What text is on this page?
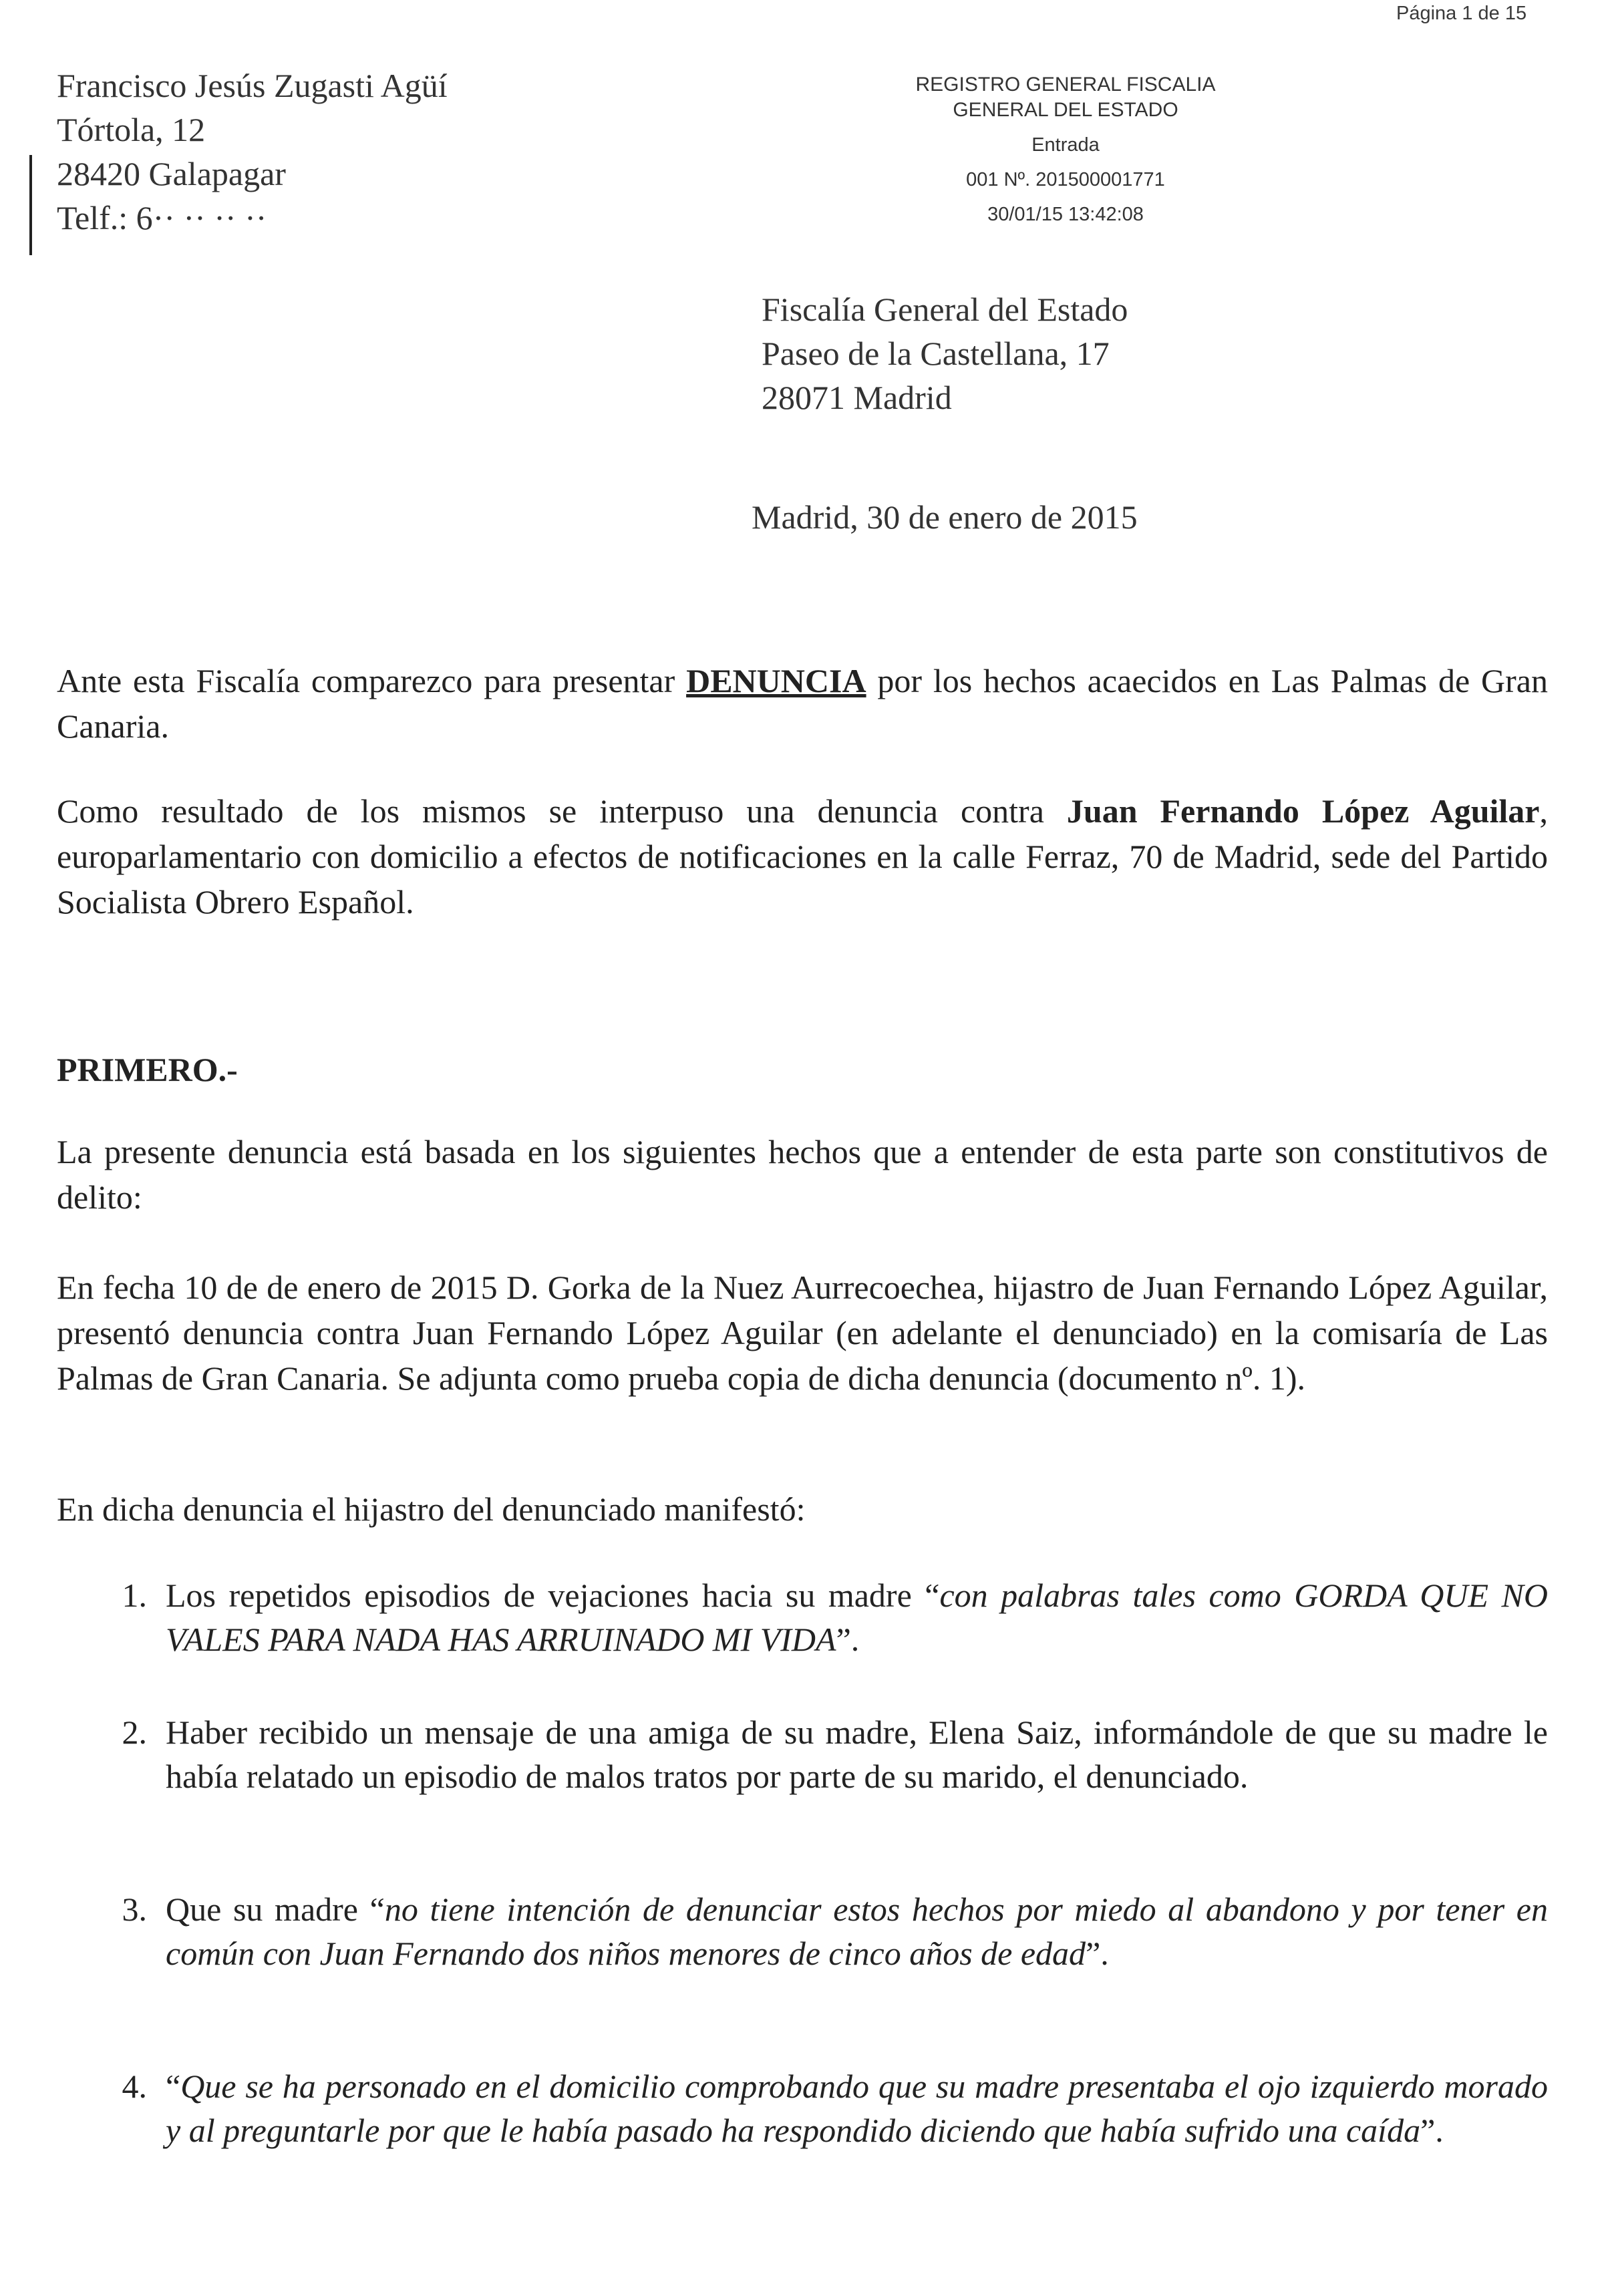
Página 1 de 15
Francisco Jesús Zugasti Agüí
Tórtola, 12
28420 Galapagar
Telf.: 6·· ·· ·· ··
REGISTRO GENERAL FISCALIA
GENERAL DEL ESTADO
Entrada
001 Nº. 201500001771
30/01/15 13:42:08
Fiscalía General del Estado
Paseo de la Castellana, 17
28071 Madrid
Madrid, 30 de enero de 2015
Ante esta Fiscalía comparezco para presentar DENUNCIA por los hechos acaecidos en Las Palmas de Gran Canaria.
Como resultado de los mismos se interpuso una denuncia contra Juan Fernando López Aguilar, europarlamentario con domicilio a efectos de notificaciones en la calle Ferraz, 70 de Madrid, sede del Partido Socialista Obrero Español.
PRIMERO.-
La presente denuncia está basada en los siguientes hechos que a entender de esta parte son constitutivos de delito:
En fecha 10 de de enero de 2015 D. Gorka de la Nuez Aurrecoechea, hijastro de Juan Fernando López Aguilar, presentó denuncia contra Juan Fernando López Aguilar (en adelante el denunciado) en la comisaría de Las Palmas de Gran Canaria. Se adjunta como prueba copia de dicha denuncia (documento nº. 1).
En dicha denuncia el hijastro del denunciado manifestó:
1. Los repetidos episodios de vejaciones hacia su madre “con palabras tales como GORDA QUE NO VALES PARA NADA HAS ARRUINADO MI VIDA”.
2. Haber recibido un mensaje de una amiga de su madre, Elena Saiz, informándole de que su madre le había relatado un episodio de malos tratos por parte de su marido, el denunciado.
3. Que su madre “no tiene intención de denunciar estos hechos por miedo al abandono y por tener en común con Juan Fernando dos niños menores de cinco años de edad”.
4. “Que se ha personado en el domicilio comprobando que su madre presentaba el ojo izquierdo morado y al preguntarle por que le había pasado ha respondido diciendo que había sufrido una caída”.
